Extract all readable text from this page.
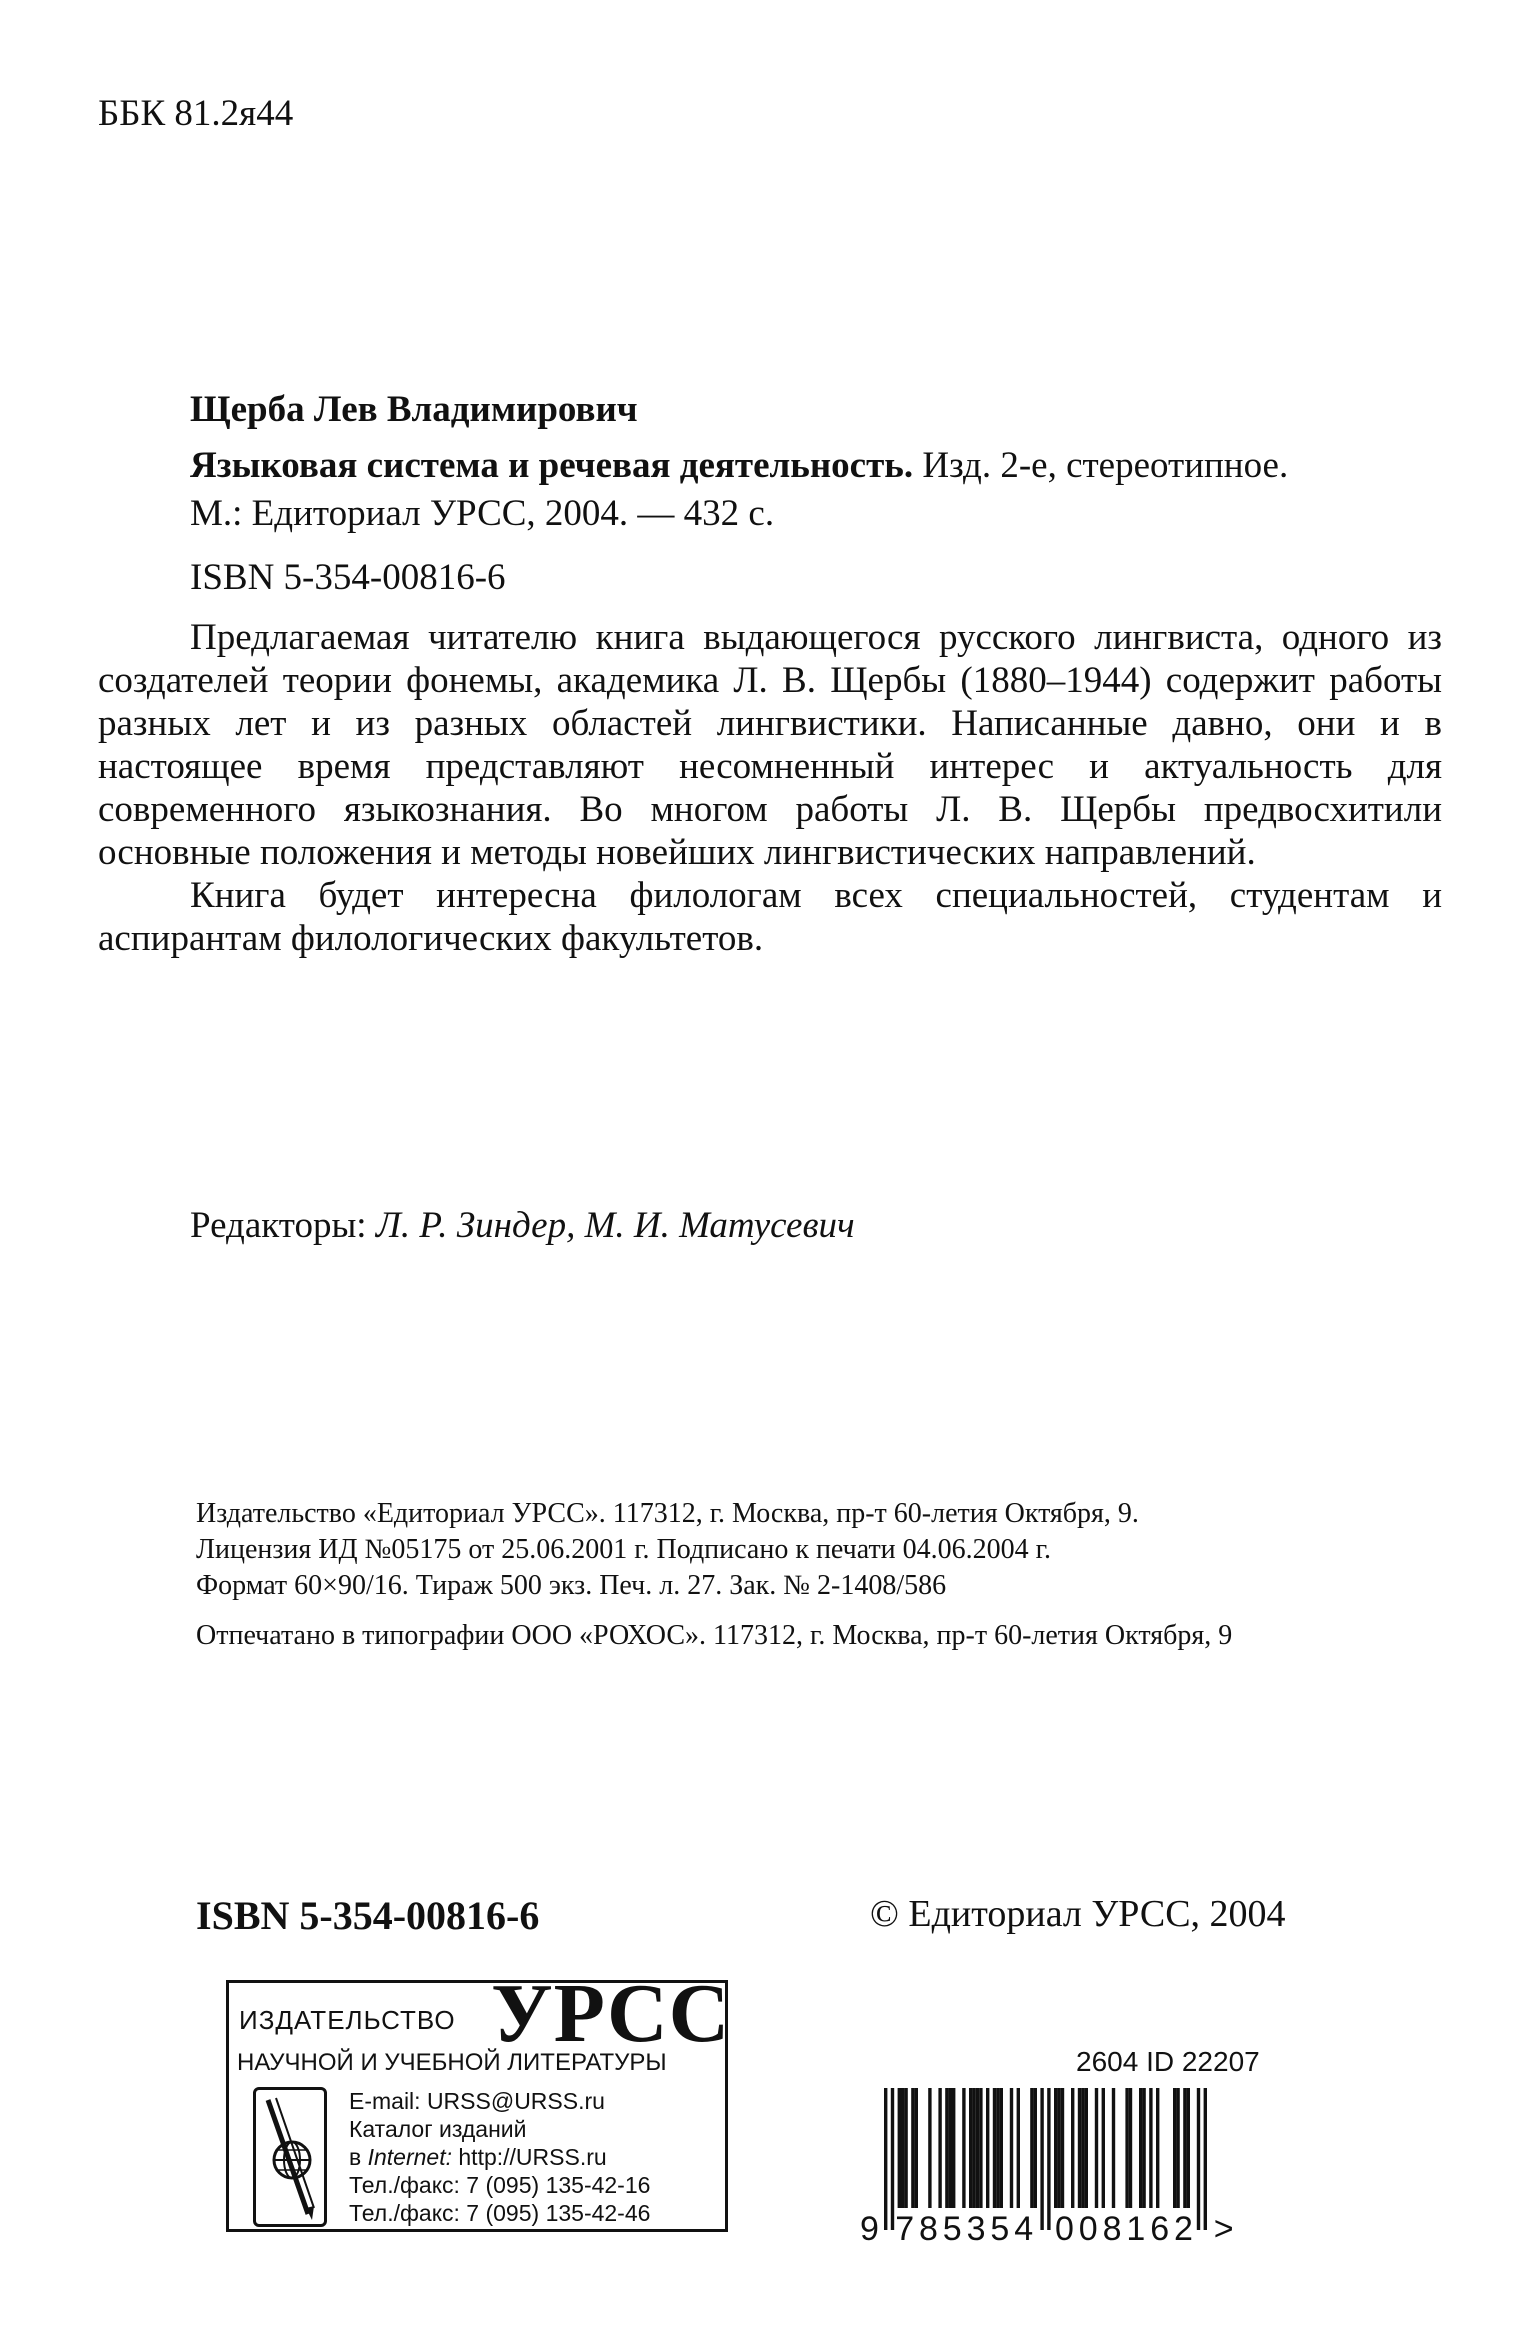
ББК 81.2я44
Щерба Лев Владимирович
Языковая система и речевая деятельность. Изд. 2-е, стереотипное.
М.: Едиториал УРСС, 2004. — 432 с.
ISBN 5-354-00816-6

Предлагаемая читателю книга выдающегося русского лингвиста, одного из создателей теории фонемы, академика Л. В. Щербы (1880–1944) содержит работы разных лет и из разных областей лингвистики. Написанные давно, они и в настоящее время представляют несомненный интерес и актуальность для современного языкознания. Во многом работы Л. В. Щербы предвосхитили основные положения и методы новейших лингвистических направлений.

Книга будет интересна филологам всех специальностей, студентам и аспирантам филологических факультетов.

Редакторы: Л. Р. Зиндер, М. И. Матусевич
Издательство «Едиториал УРСС». 117312, г. Москва, пр-т 60-летия Октября, 9.
Лицензия ИД №05175 от 25.06.2001 г. Подписано к печати 04.06.2004 г.
Формат 60×90/16. Тираж 500 экз. Печ. л. 27. Зак. № 2-1408/586
Отпечатано в типографии ООО «РОХОС». 117312, г. Москва, пр-т 60-летия Октября, 9
ISBN 5-354-00816-6	© Едиториал УРСС, 2004
ИЗДАТЕЛЬСТВО УРСС
НАУЧНОЙ И УЧЕБНОЙ ЛИТЕРАТУРЫ
E-mail: URSS@URSS.ru
Каталог изданий
в Internet: http://URSS.ru
Тел./факс: 7 (095) 135-42-16
Тел./факс: 7 (095) 135-42-46
2604 ID 22207
9 7 8 5 3 5 4 0 0 8 1 6 2 >
